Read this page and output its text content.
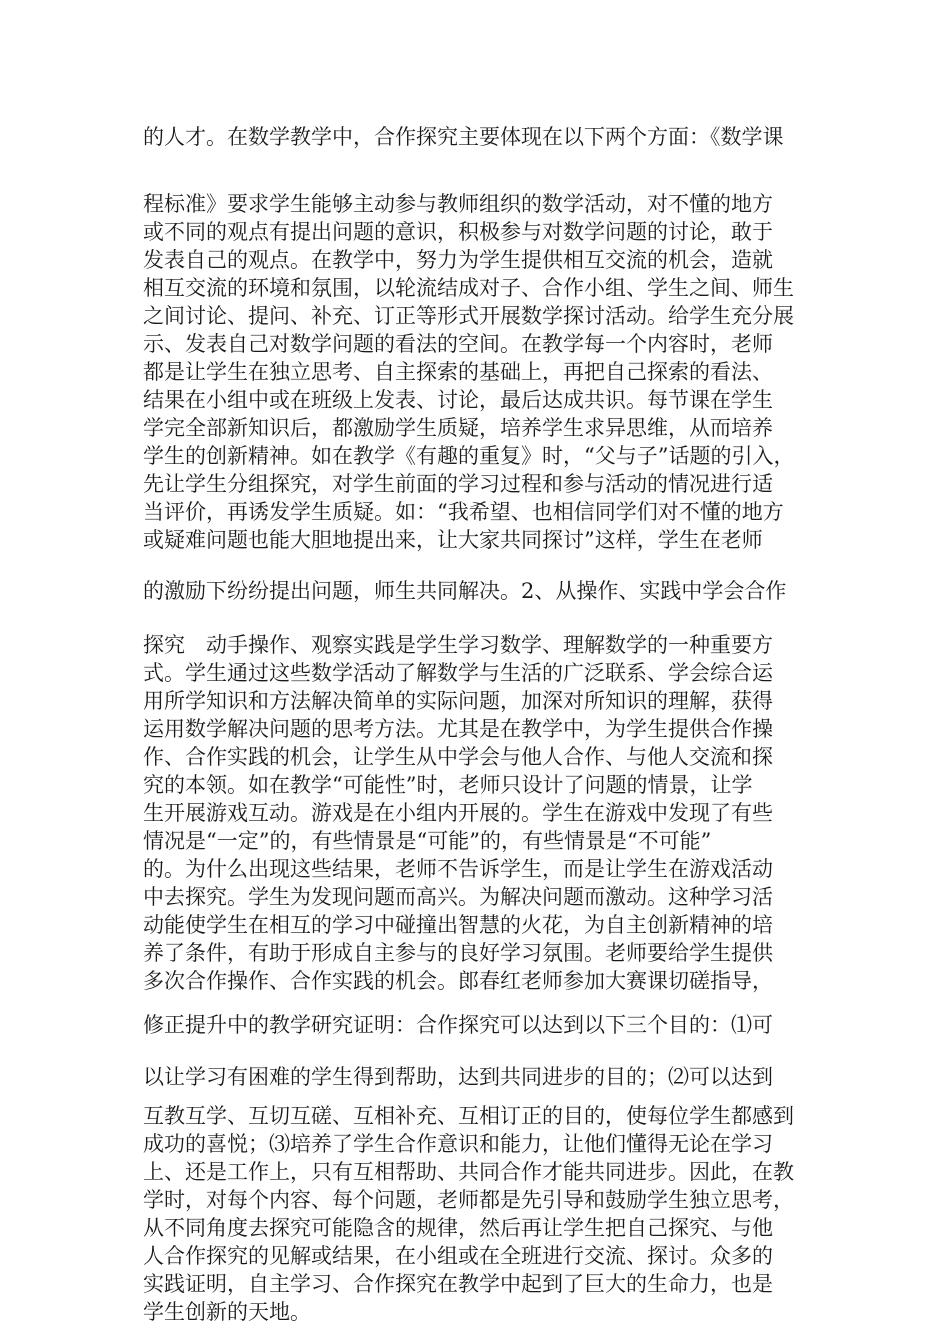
的人才。在数学教学中，合作探究主要体现在以下两个方面：《数学课
程标准》要求学生能够主动参与教师组织的数学活动，对不懂的地方
或不同的观点有提出问题的意识，积极参与对数学问题的讨论，敢于
发表自己的观点。在教学中，努力为学生提供相互交流的机会，造就
相互交流的环境和氛围，以轮流结成对子、合作小组、学生之间、师生
之间讨论、提问、补充、订正等形式开展数学探讨活动。给学生充分展
示、发表自己对数学问题的看法的空间。在教学每一个内容时，老师
都是让学生在独立思考、自主探索的基础上，再把自己探索的看法、
结果在小组中或在班级上发表、讨论，最后达成共识。每节课在学生
学完全部新知识后，都激励学生质疑，培养学生求异思维，从而培养
学生的创新精神。如在教学《有趣的重复》时，“父与子”话题的引入，
先让学生分组探究，对学生前面的学习过程和参与活动的情况进行适
当评价，再诱发学生质疑。如：“我希望、也相信同学们对不懂的地方
或疑难问题也能大胆地提出来，让大家共同探讨”这样，学生在老师
的激励下纷纷提出问题，师生共同解决。2、从操作、实践中学会合作
探究　动手操作、观察实践是学生学习数学、理解数学的一种重要方
式。学生通过这些数学活动了解数学与生活的广泛联系、学会综合运
用所学知识和方法解决简单的实际问题，加深对所知识的理解，获得
运用数学解决问题的思考方法。尤其是在教学中，为学生提供合作操
作、合作实践的机会，让学生从中学会与他人合作、与他人交流和探
究的本领。如在教学“可能性”时，老师只设计了问题的情景，让学
生开展游戏互动。游戏是在小组内开展的。学生在游戏中发现了有些
情况是“一定”的，有些情景是“可能”的，有些情景是“不可能”
的。为什么出现这些结果，老师不告诉学生，而是让学生在游戏活动
中去探究。学生为发现问题而高兴。为解决问题而激动。这种学习活
动能使学生在相互的学习中碰撞出智慧的火花，为自主创新精神的培
养了条件，有助于形成自主参与的良好学习氛围。老师要给学生提供
多次合作操作、合作实践的机会。郎春红老师参加大赛课切磋指导，
修正提升中的教学研究证明：合作探究可以达到以下三个目的：⑴可
以让学习有困难的学生得到帮助，达到共同进步的目的；⑵可以达到
互教互学、互切互磋、互相补充、互相订正的目的，使每位学生都感到
成功的喜悦；⑶培养了学生合作意识和能力，让他们懂得无论在学习
上、还是工作上，只有互相帮助、共同合作才能共同进步。因此，在教
学时，对每个内容、每个问题，老师都是先引导和鼓励学生独立思考，
从不同角度去探究可能隐含的规律，然后再让学生把自己探究、与他
人合作探究的见解或结果，在小组或在全班进行交流、探讨。众多的
实践证明，自主学习、合作探究在教学中起到了巨大的生命力，也是
学生创新的天地。
